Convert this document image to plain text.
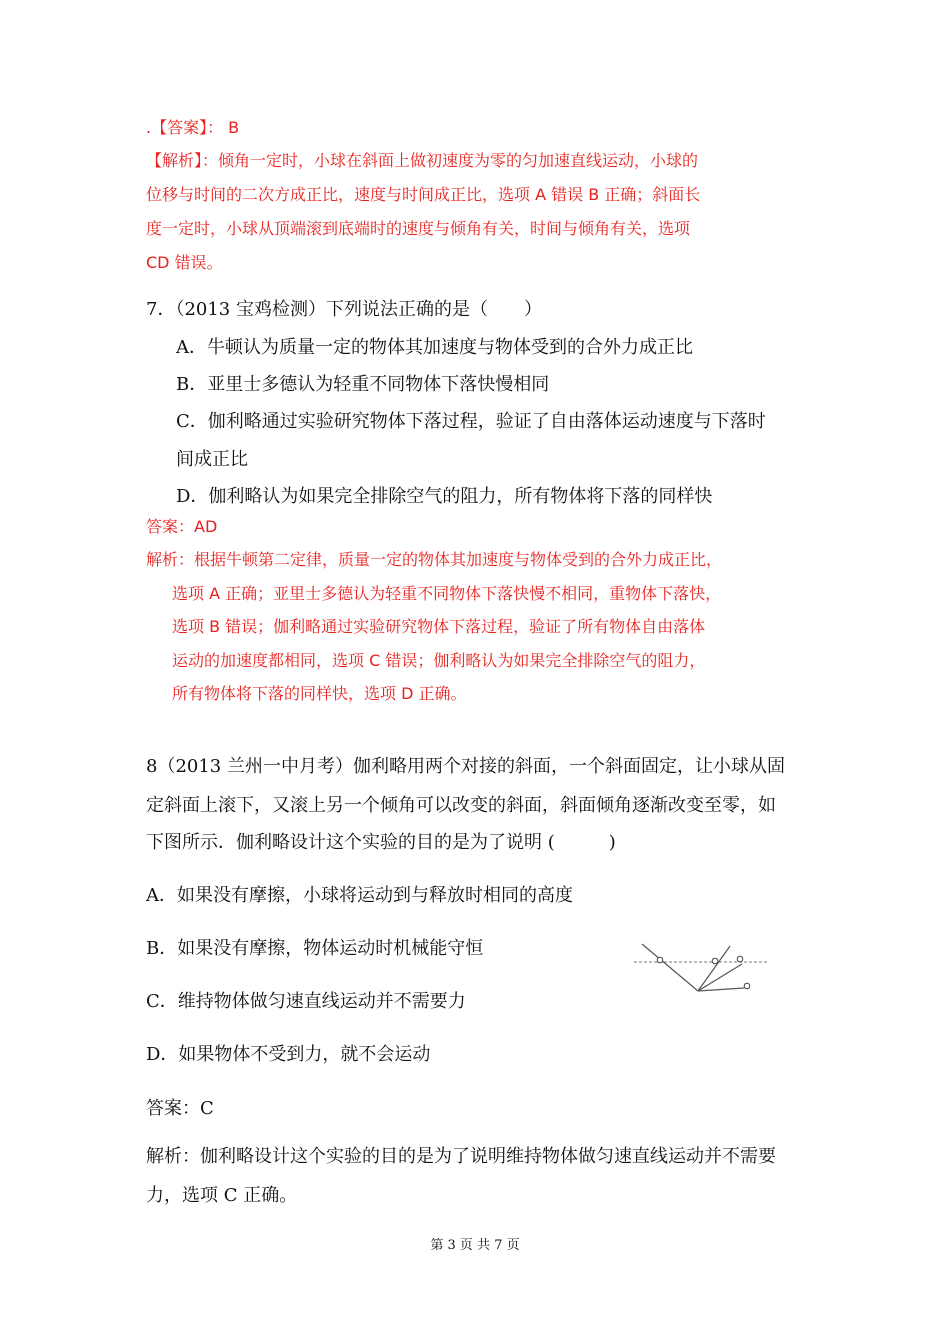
.【答案】： B
【解析】：倾角一定时，小球在斜面上做初速度为零的匀加速直线运动，小球的
位移与时间的二次方成正比，速度与时间成正比，选项 A 错误 B 正确；斜面长
度一定时，小球从顶端滚到底端时的速度与倾角有关，时间与倾角有关，选项
CD 错误。
7．（2013 宝鸡检测）下列说法正确的是（　　）
A．牛顿认为质量一定的物体其加速度与物体受到的合外力成正比
B．亚里士多德认为轻重不同物体下落快慢相同
C．伽利略通过实验研究物体下落过程，验证了自由落体运动速度与下落时
间成正比
D．伽利略认为如果完全排除空气的阻力，所有物体将下落的同样快
答案：AD
解析：根据牛顿第二定律，质量一定的物体其加速度与物体受到的合外力成正比，
选项 A 正确；亚里士多德认为轻重不同物体下落快慢不相同，重物体下落快，
选项 B 错误；伽利略通过实验研究物体下落过程，验证了所有物体自由落体
运动的加速度都相同，选项 C 错误；伽利略认为如果完全排除空气的阻力，
所有物体将下落的同样快，选项 D 正确。
8（2013 兰州一中月考）伽利略用两个对接的斜面，一个斜面固定，让小球从固
定斜面上滚下，又滚上另一个倾角可以改变的斜面，斜面倾角逐渐改变至零，如
下图所示．伽利略设计这个实验的目的是为了说明 (　　　)
A．如果没有摩擦，小球将运动到与释放时相同的高度
B．如果没有摩擦，物体运动时机械能守恒
C．维持物体做匀速直线运动并不需要力
D．如果物体不受到力，就不会运动
答案：C
解析：伽利略设计这个实验的目的是为了说明维持物体做匀速直线运动并不需要
力，选项 C 正确。
第 3 页 共 7 页
